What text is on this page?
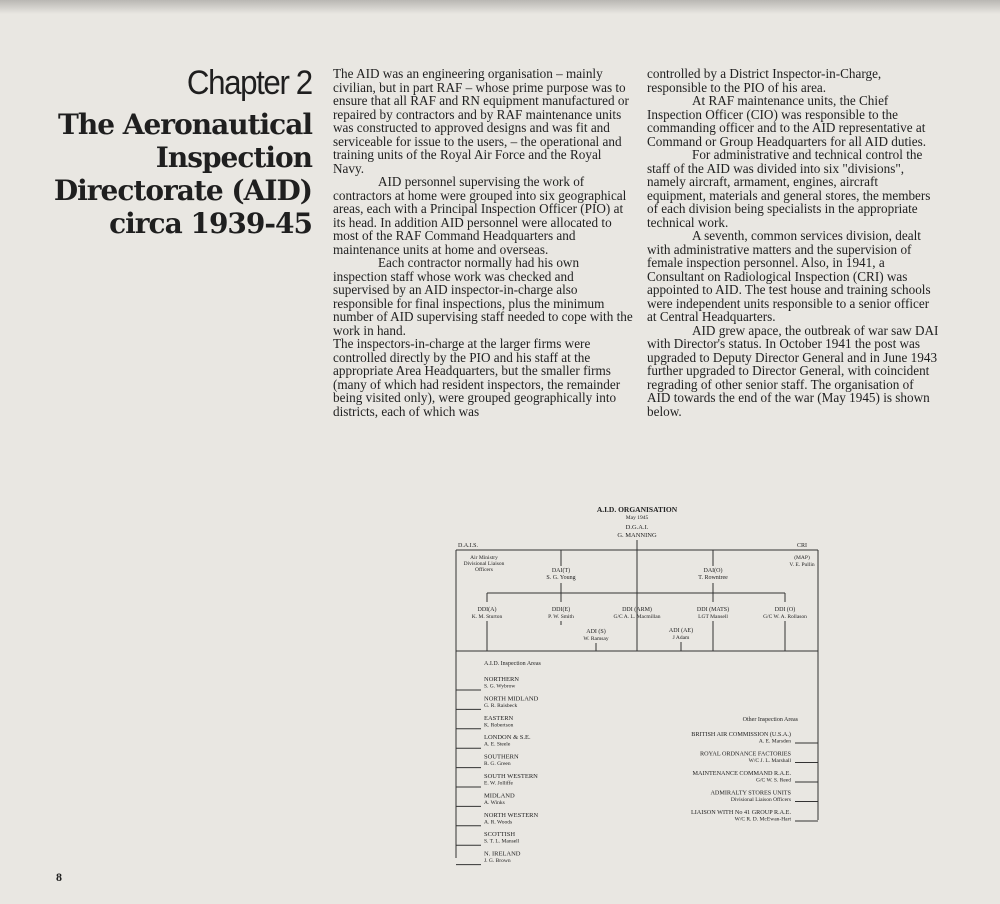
Chapter 2
The Aeronautical Inspection Directorate (AID) circa 1939-45

The AID was an engineering organisation – mainly civilian, but in part RAF – whose prime purpose was to ensure that all RAF and RN equipment manufactured or repaired by contractors and by RAF maintenance units was constructed to approved designs and was fit and serviceable for issue to the users, – the operational and training units of the Royal Air Force and the Royal Navy.

AID personnel supervising the work of contractors at home were grouped into six geographical areas, each with a Principal Inspection Officer (PIO) at its head. In addition AID personnel were allocated to most of the RAF Command Headquarters and maintenance units at home and overseas.

Each contractor normally had his own inspection staff whose work was checked and supervised by an AID inspector-in-charge also responsible for final inspections, plus the minimum number of AID supervising staff needed to cope with the work in hand.

The inspectors-in-charge at the larger firms were controlled directly by the PIO and his staff at the appropriate Area Headquarters, but the smaller firms (many of which had resident inspectors, the remainder being visited only), were grouped geographically into districts, each of which was

controlled by a District Inspector-in-Charge, responsible to the PIO of his area.

At RAF maintenance units, the Chief Inspection Officer (CIO) was responsible to the commanding officer and to the AID representative at Command or Group Headquarters for all AID duties.

For administrative and technical control the staff of the AID was divided into six "divisions", namely aircraft, armament, engines, aircraft equipment, materials and general stores, the members of each division being specialists in the appropriate technical work.

A seventh, common services division, dealt with administrative matters and the supervision of female inspection personnel. Also, in 1941, a Consultant on Radiological Inspection (CRI) was appointed to AID. The test house and training schools were independent units responsible to a senior officer at Central Headquarters.

AID grew apace, the outbreak of war saw DAI with Director's status. In October 1941 the post was upgraded to Deputy Director General and in June 1943 further upgraded to Director General, with coincident regrading of other senior staff. The organisation of AID towards the end of the war (May 1945) is shown below.

A.I.D. ORGANISATION
May 1945
D.G.A.I.
G. MANNING
D.A.I.S.
Air Ministry
Divisional Liaison
Officers
CRI
(MAP)
V. E. Pullin
DAI(T)
S. G. Young
DAI(O)
T. Rowntree
DDI(A)
K. M. Sturton
DDI(E)
P. W. Smith
DDI (ARM)
G/C A. L. Macmillan
DDI (MATS)
LGT Mansell
DDI (O)
G/C W. A. Rollason
ADI (S)
W. Ramsay
ADI (AE)
J Adam
A.I.D. Inspection Areas
Other Inspection Areas
NORTHERN
S. G. Wybrow
NORTH MIDLAND
G. R. Raisbeck
EASTERN
K. Robertson
LONDON & S.E.
A. E. Steele
SOUTHERN
R. G. Green
SOUTH WESTERN
E. W. Jolliffe
MIDLAND
A. Winks
NORTH WESTERN
A. R. Woods
SCOTTISH
S. T. L. Mansell
N. IRELAND
J. G. Brown
BRITISH AIR COMMISSION (U.S.A.)
A. E. Marsden
ROYAL ORDNANCE FACTORIES
W/C J. L. Marshall
MAINTENANCE COMMAND R.A.E.
G/C W. S. Reed
ADMIRALTY STORES UNITS
Divisional Liaison Officers
LIAISON WITH No 41 GROUP R.A.E.
W/C R. D. McEwan-Hart
8
